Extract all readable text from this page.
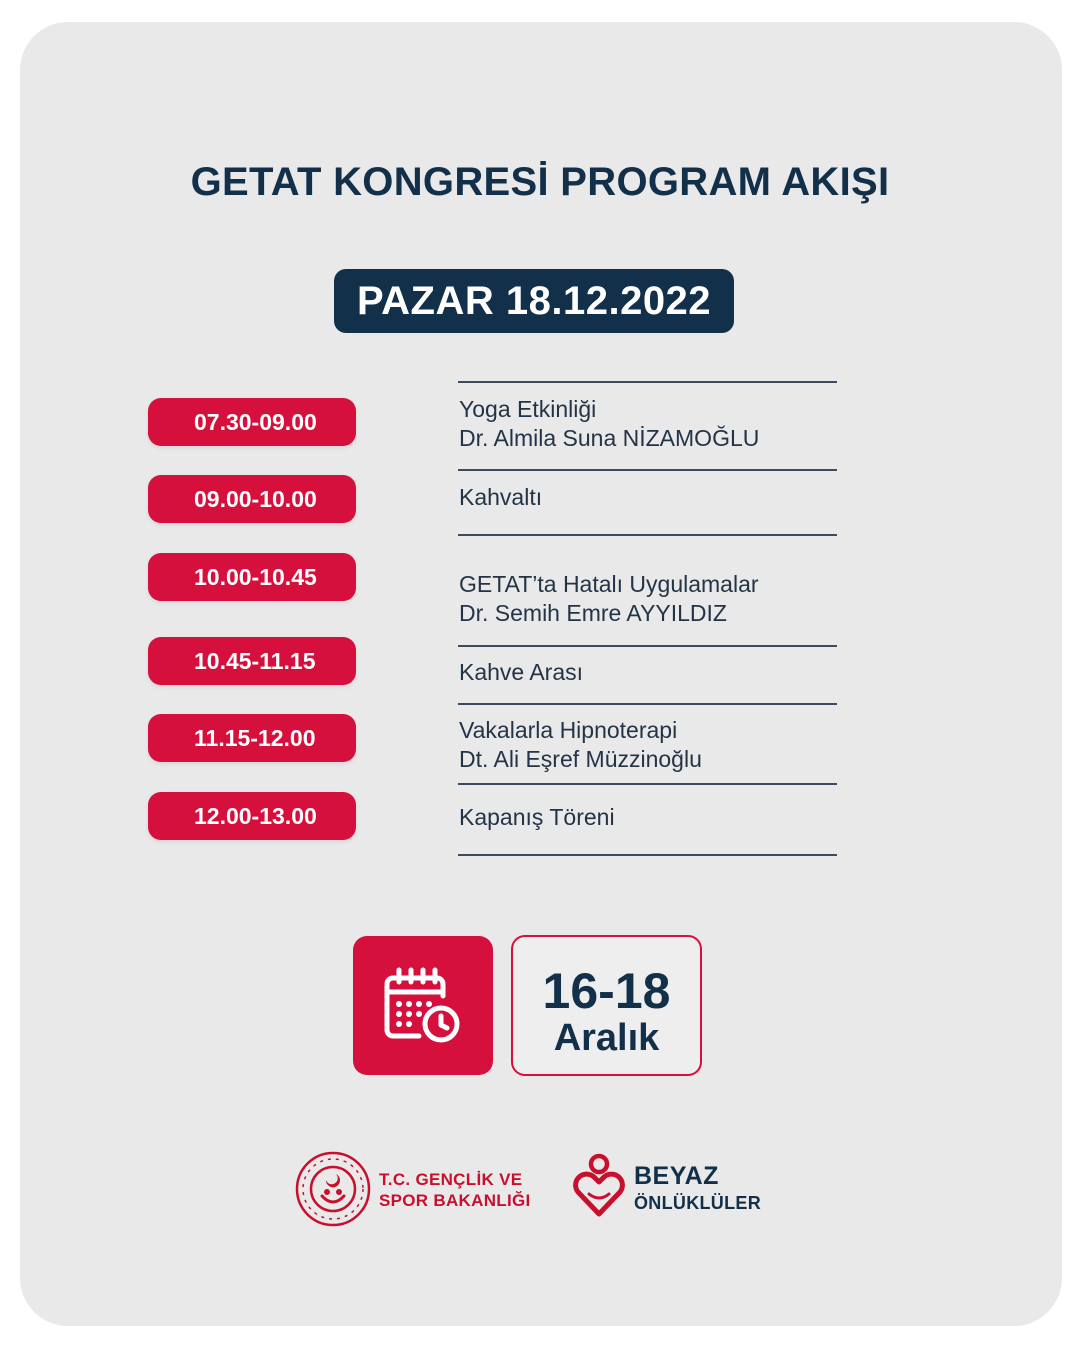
GETAT KONGRESİ PROGRAM AKIŞI
PAZAR 18.12.2022
07.30-09.00
09.00-10.00
10.00-10.45
10.45-11.15
11.15-12.00
12.00-13.00
Yoga Etkinliği
Dr. Almila Suna NİZAMOĞLU
Kahvaltı
GETAT’ta Hatalı Uygulamalar
Dr. Semih Emre AYYILDIZ
Kahve Arası
Vakalarla Hipnoterapi
Dt. Ali Eşref Müzzinoğlu
Kapanış Töreni
16-18
Aralık
T.C. GENÇLİK VE
SPOR BAKANLIĞI
BEYAZ
ÖNLÜKLÜLER
